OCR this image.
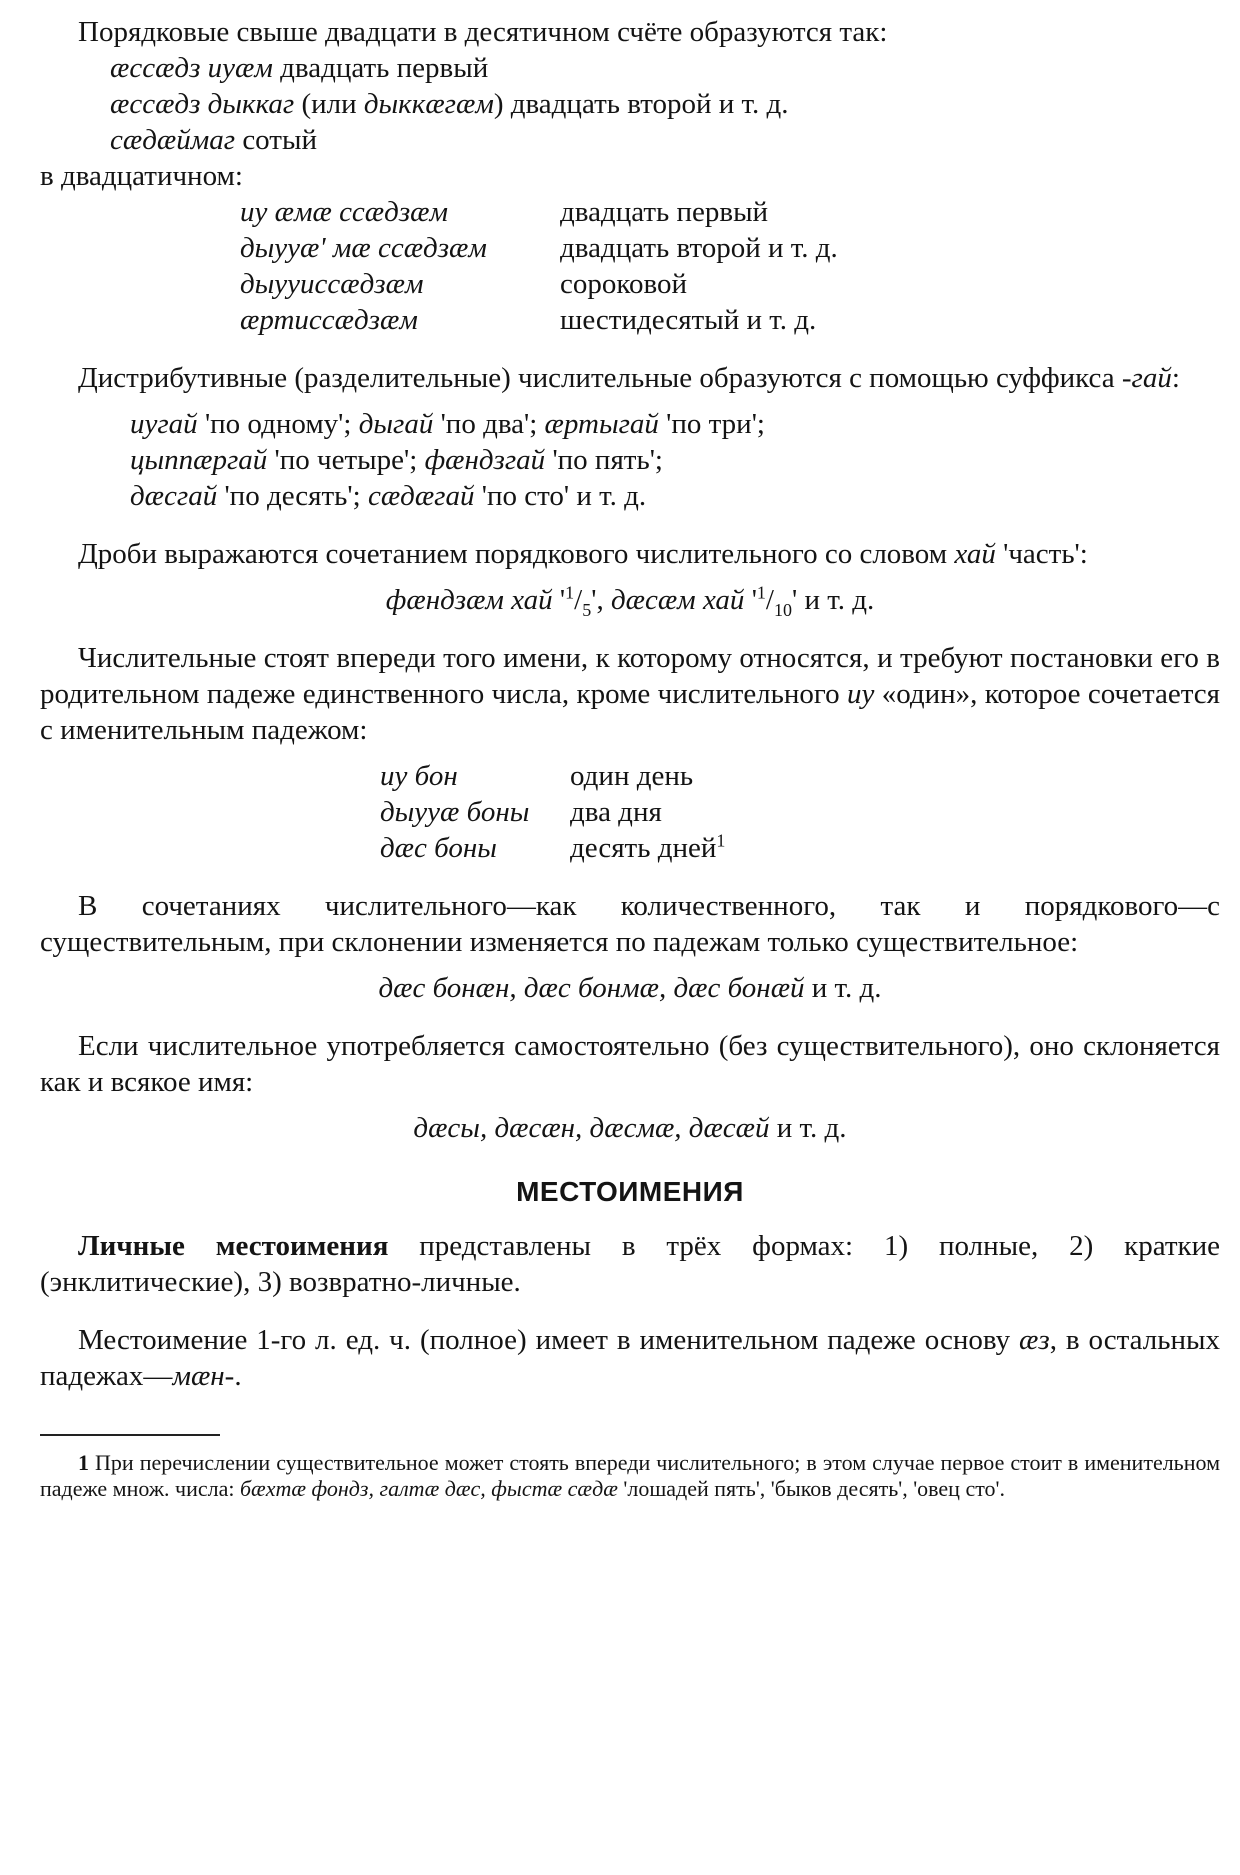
Порядковые свыше двадцати в десятичном счёте образуются так:

æссæдз иуæм двадцать первый

æссæдз дыккаг (или дыккæгæм) двадцать второй и т. д.

сæдæймаг сотый

в двадцатичном:

иу æмæ ссæдзæм	двадцать первый
дыууæ' мæ ссæдзæм	двадцать второй и т. д.
дыууиссæдзæм	сороковой
æртиссæдзæм	шестидесятый и т. д.

Дистрибутивные (разделительные) числительные образуются с помощью суффикса -гай:

иугай 'по одному'; дыгай 'по два'; æртыгай 'по три';

цыппæргай 'по четыре'; фæндзгай 'по пять';

дæсгай 'по десять'; сæдæгай 'по сто' и т. д.

Дроби выражаются сочетанием порядкового числительного со словом хай 'часть':

фæндзæм хай '$^1/_5$', дæсæм хай '$^1/_{10}$' и т. д.

Числительные стоят впереди того имени, к которому относятся, и требуют постановки его в родительном падеже единственного числа, кроме числительного иу «один», которое сочетается с именительным падежом:

иу бон	один день
дыууæ боны	два дня
дæс боны	десять дней$^1$

В сочетаниях числительного—как количественного, так и порядкового—с существительным, при склонении изменяется по падежам только существительное:

дæс бонæн, дæс бонмæ, дæс бонæй и т. д.

Если числительное употребляется самостоятельно (без существительного), оно склоняется как и всякое имя:

дæсы, дæсæн, дæсмæ, дæсæй и т. д.

МЕСТОИМЕНИЯ

Личные местоимения представлены в трёх формах: 1) полные, 2) краткие (энклитические), 3) возвратно-личные.

Местоимение 1-го л. ед. ч. (полное) имеет в именительном падеже основу æз, в остальных падежах—мæн-.

1 При перечислении существительное может стоять впереди числительного; в этом случае первое стоит в именительном падеже множ. числа: бæхтæ фондз, галтæ дæс, фыстæ сæдæ 'лошадей пять', 'быков десять', 'овец сто'.
